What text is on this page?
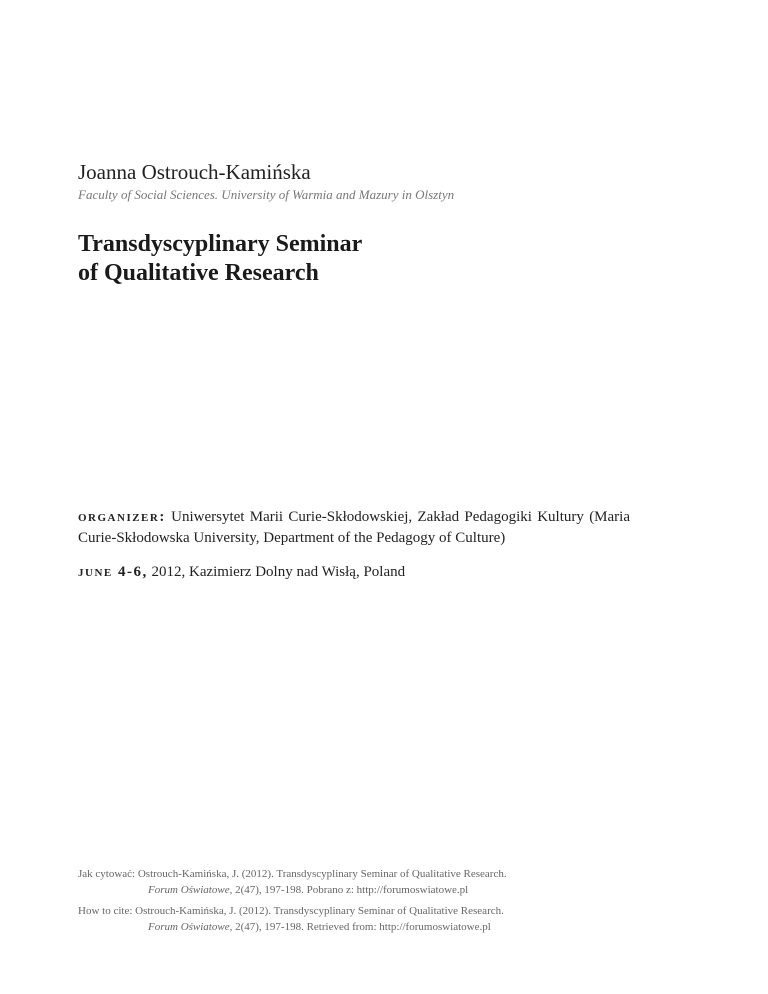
Joanna Ostrouch-Kamińska
Faculty of Social Sciences. University of Warmia and Mazury in Olsztyn
Transdyscyplinary Seminar
of Qualitative Research
organizer: Uniwersytet Marii Curie-Skłodowskiej, Zakład Pedagogiki Kultury (Maria Curie-Skłodowska University, Department of the Pedagogy of Culture)
june 4-6, 2012, Kazimierz Dolny nad Wisłą, Poland
Jak cytować: Ostrouch-Kamińska, J. (2012). Transdyscyplinary Seminar of Qualitative Research.
Forum Oświatowe, 2(47), 197-198. Pobrano z: http://forumoswiatowe.pl
How to cite: Ostrouch-Kamińska, J. (2012). Transdyscyplinary Seminar of Qualitative Research.
Forum Oświatowe, 2(47), 197-198. Retrieved from: http://forumoswiatowe.pl
